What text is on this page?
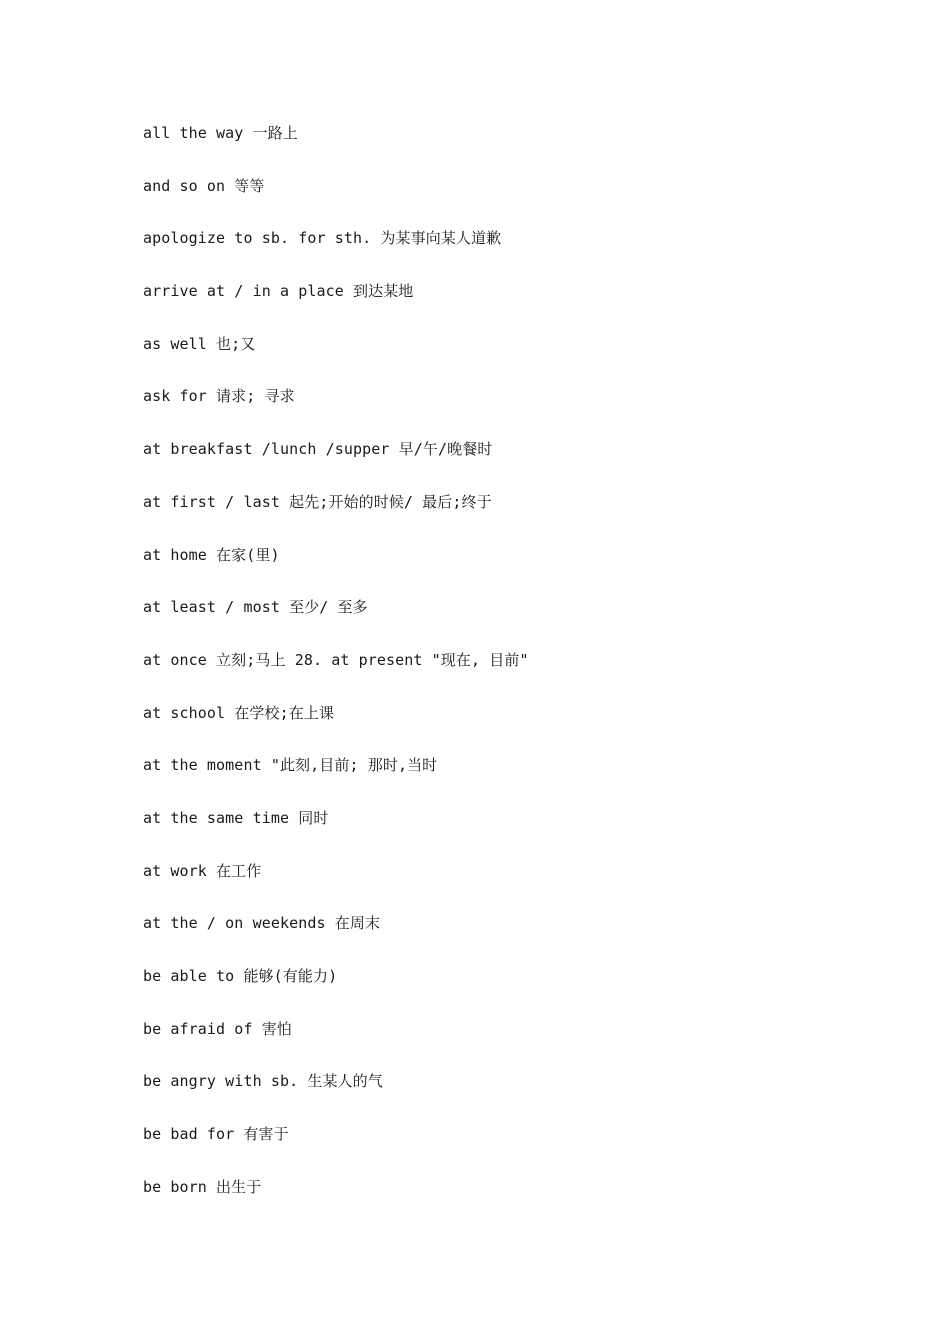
all the way 一路上
and so on 等等
apologize to sb. for sth. 为某事向某人道歉
arrive at / in a place 到达某地
as well 也;又
ask for 请求; 寻求
at breakfast /lunch /supper 早/午/晚餐时
at first / last 起先;开始的时候/ 最后;终于
at home 在家(里)
at least / most 至少/ 至多
at once 立刻;马上 28. at present "现在, 目前"
at school 在学校;在上课
at the moment "此刻,目前; 那时,当时
at the same time 同时
at work 在工作
at the / on weekends 在周末
be able to 能够(有能力)
be afraid of 害怕
be angry with sb. 生某人的气
be bad for 有害于
be born 出生于
